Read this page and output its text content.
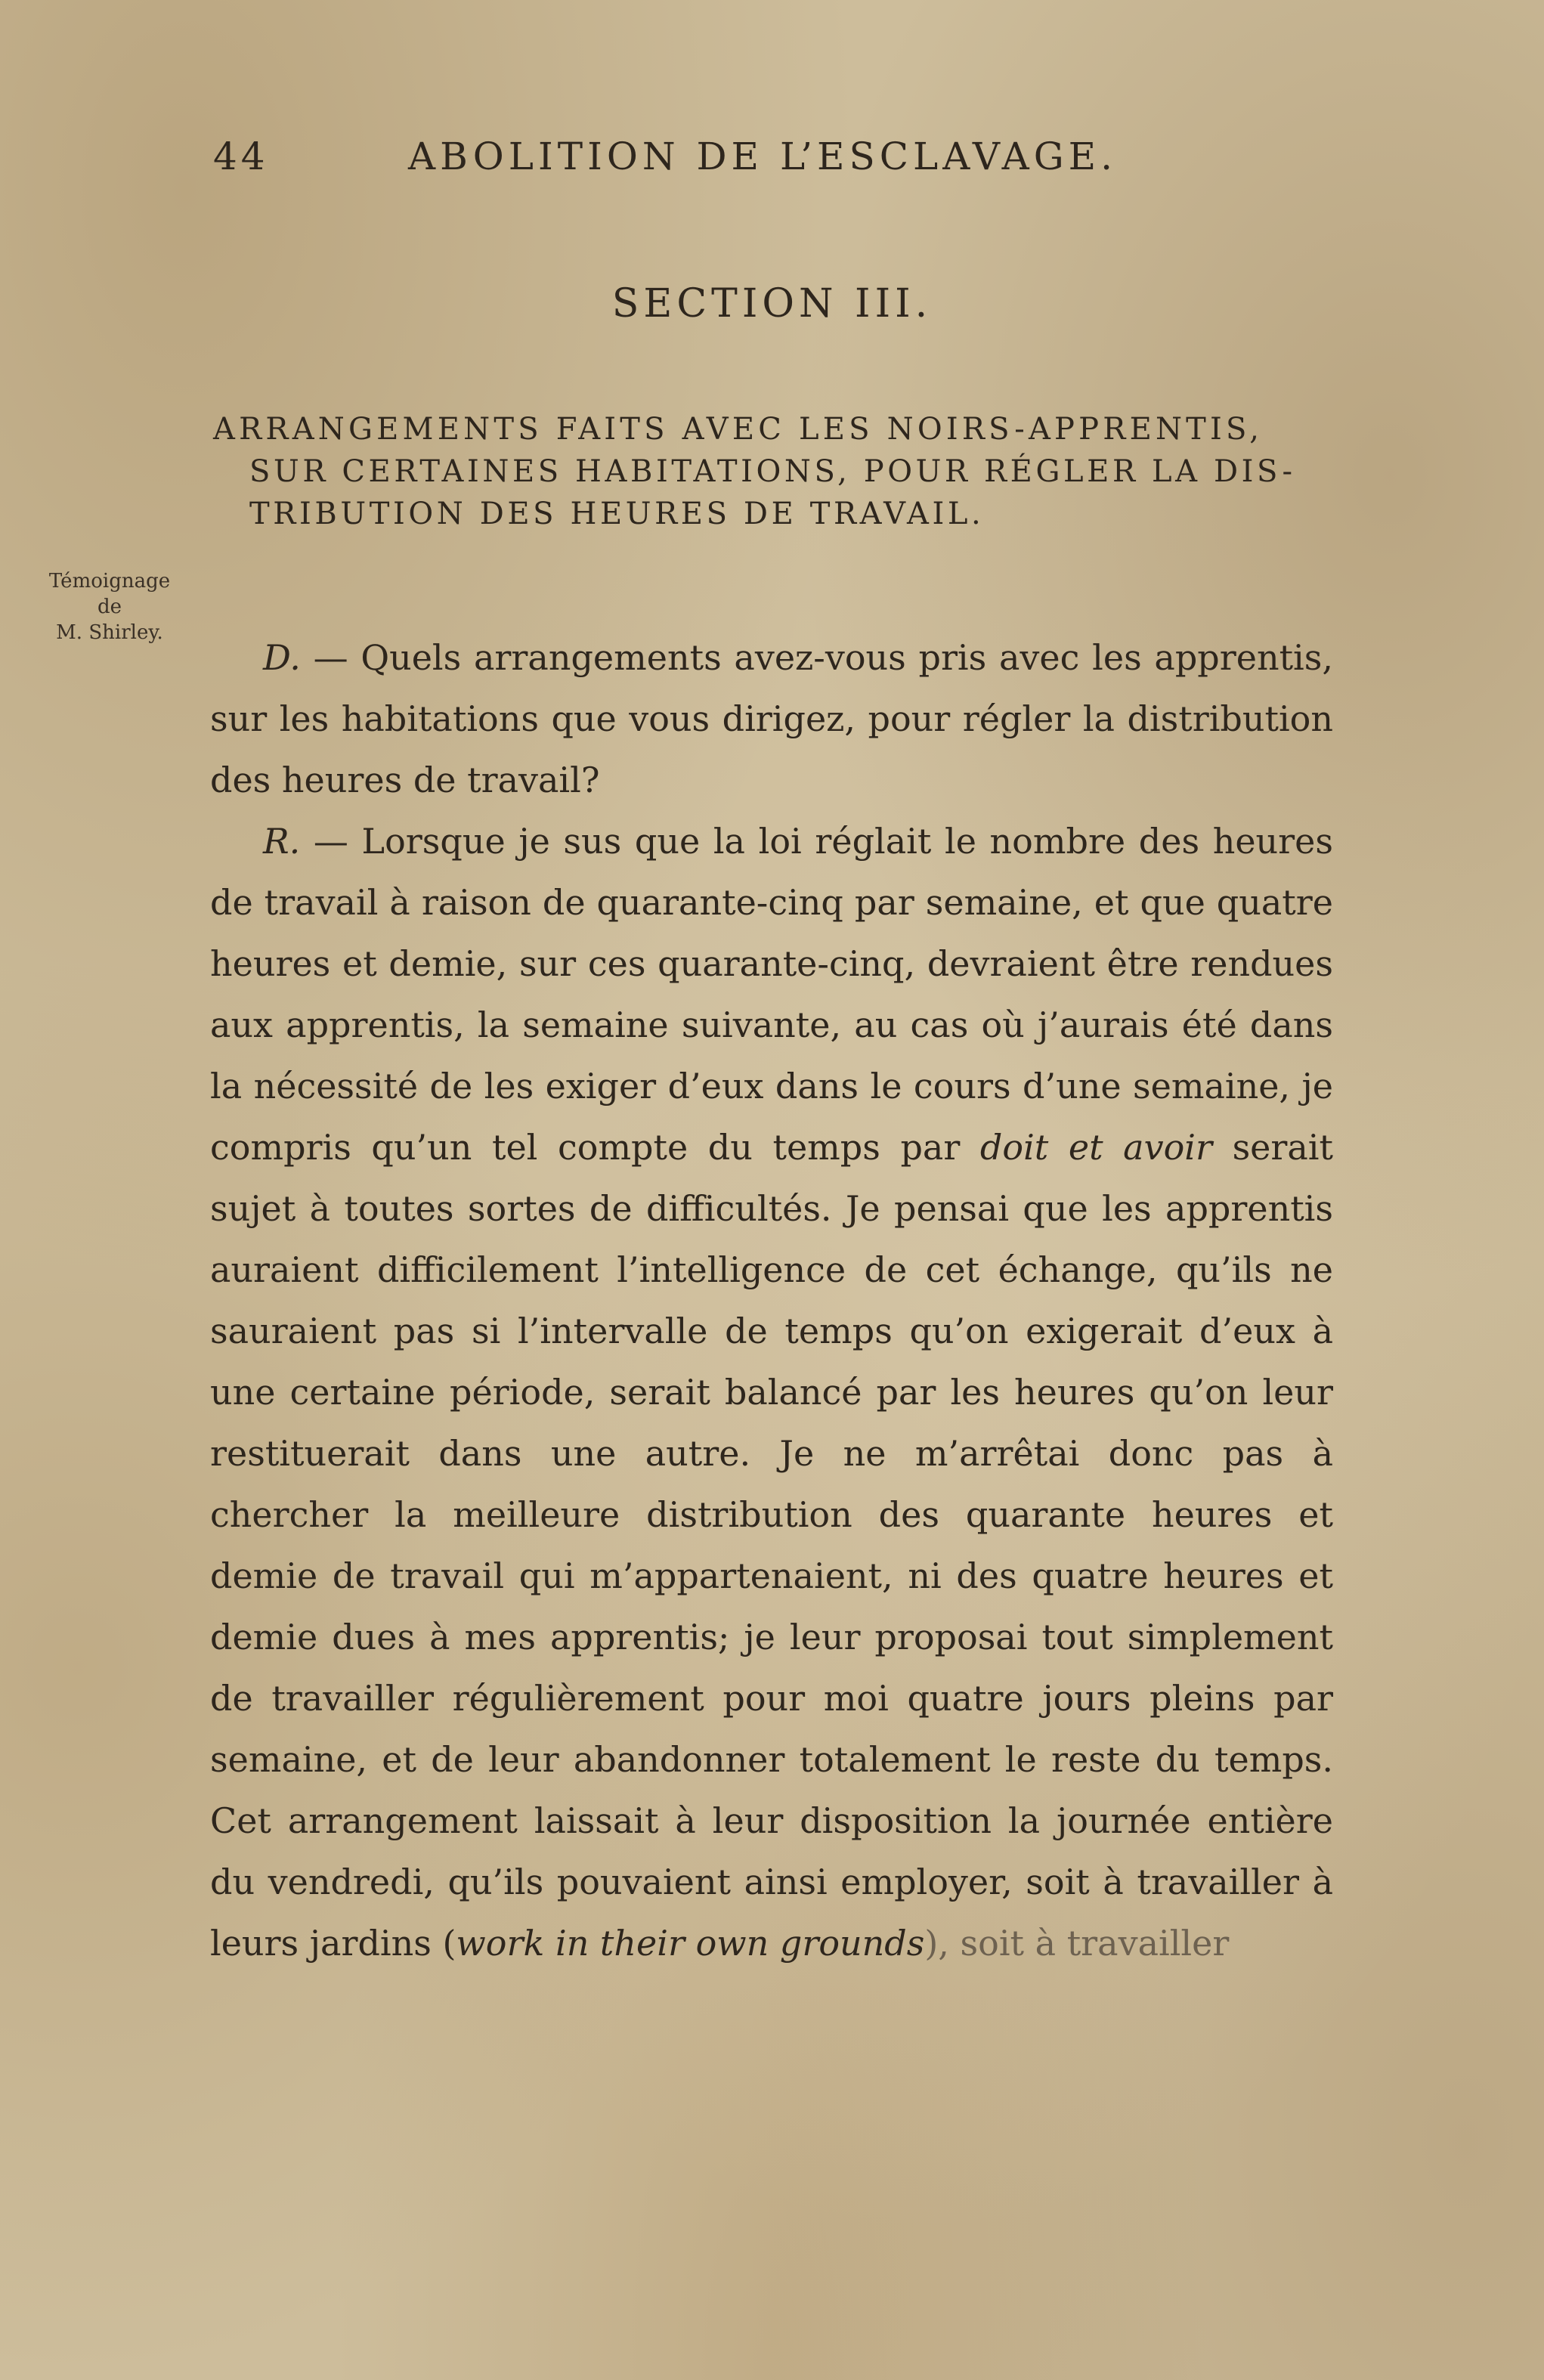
44	ABOLITION DE L’ESCLAVAGE.
SECTION III.
ARRANGEMENTS FAITS AVEC LES NOIRS-APPRENTIS,
SUR CERTAINES HABITATIONS, POUR RÉGLER LA DIS-
TRIBUTION DES HEURES DE TRAVAIL.
Témoignage
de
M. Shirley.

D. — Quels arrangements avez-vous pris avec les apprentis, sur les habitations que vous dirigez, pour régler la distribution des heures de travail?

R. — Lorsque je sus que la loi réglait le nombre des heures de travail à raison de quarante-cinq par semaine, et que quatre heures et demie, sur ces quarante-cinq, devraient être rendues aux apprentis, la semaine suivante, au cas où j’aurais été dans la nécessité de les exiger d’eux dans le cours d’une semaine, je compris qu’un tel compte du temps par doit et avoir serait sujet à toutes sortes de difficultés. Je pensai que les apprentis auraient difficilement l’intelligence de cet échange, qu’ils ne sauraient pas si l’intervalle de temps qu’on exigerait d’eux à une certaine période, serait balancé par les heures qu’on leur restituerait dans une autre. Je ne m’arrêtai donc pas à chercher la meilleure distribution des quarante heures et demie de travail qui m’appartenaient, ni des quatre heures et demie dues à mes apprentis; je leur proposai tout simplement de travailler régulièrement pour moi quatre jours pleins par semaine, et de leur abandonner totalement le reste du temps. Cet arrangement laissait à leur disposition la journée entière du vendredi, qu’ils pouvaient ainsi employer, soit à travailler à leurs jardins (work in their own grounds), soit à travailler
